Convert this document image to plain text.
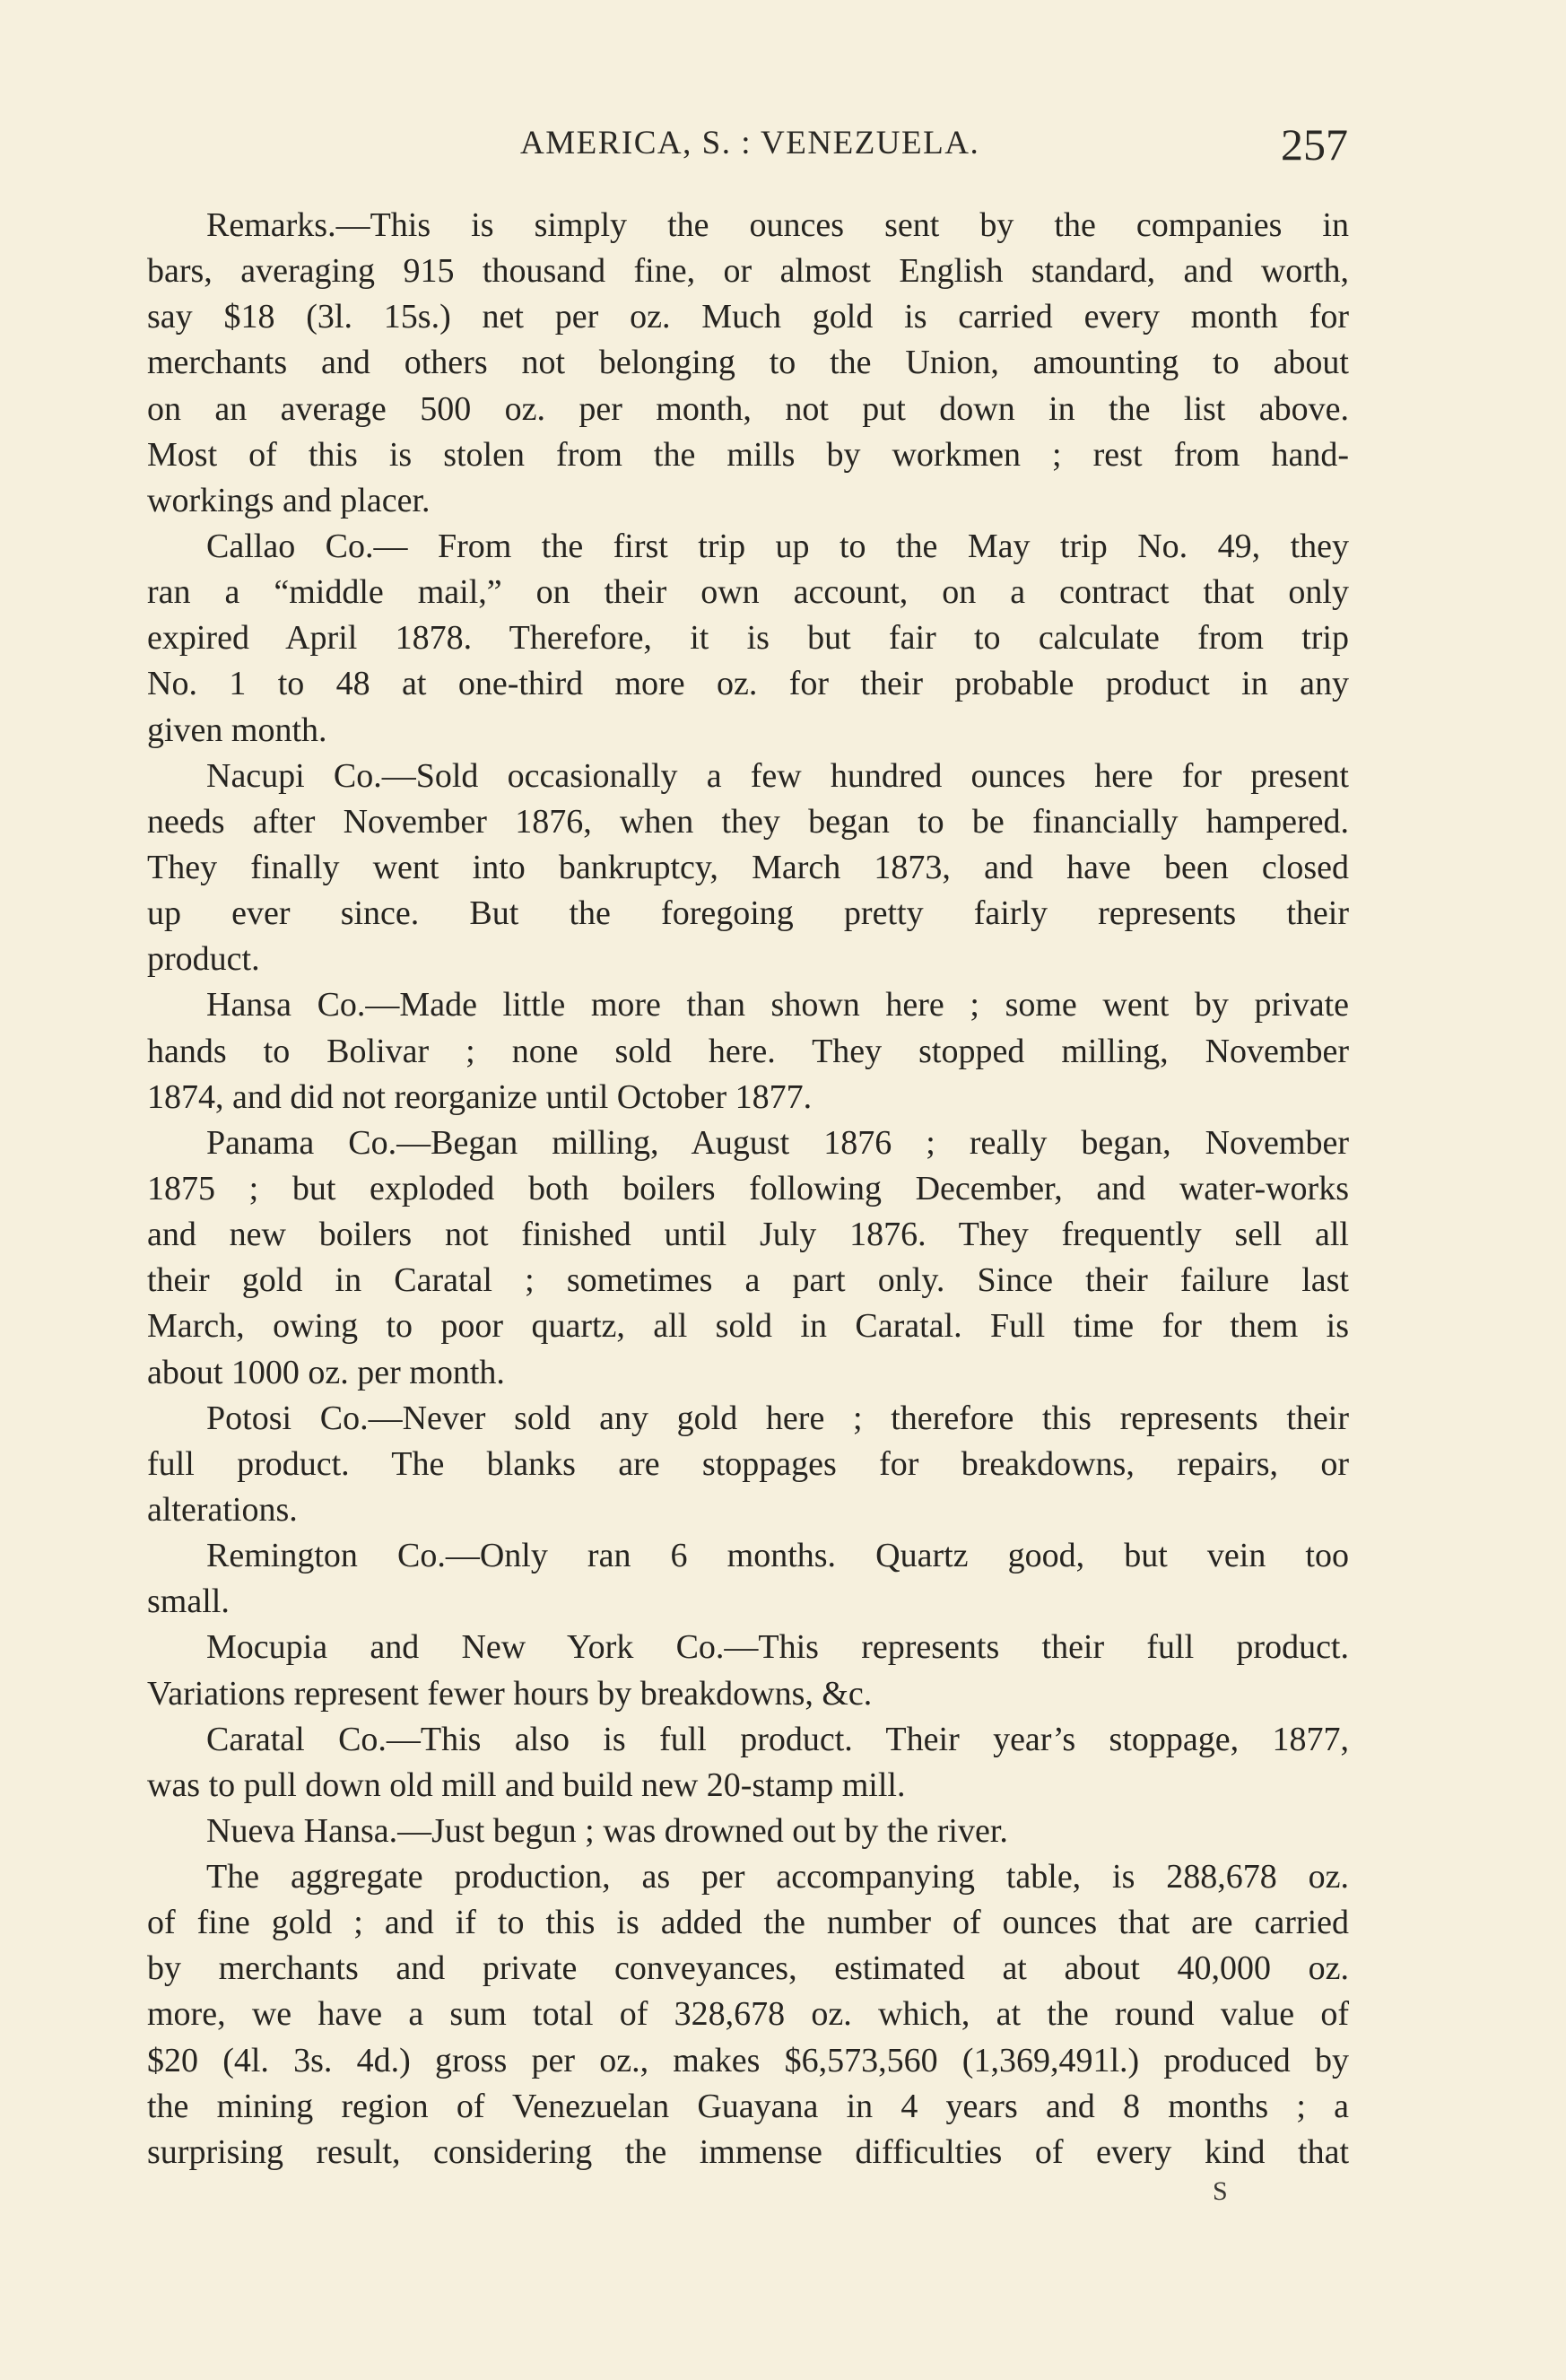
AMERICA, S. : VENEZUELA.	257
Remarks.—This is simply the ounces sent by the companies in
bars, averaging 915 thousand fine, or almost English standard, and worth,
say $18 (3l. 15s.) net per oz. Much gold is carried every month for
merchants and others not belonging to the Union, amounting to about
on an average 500 oz. per month, not put down in the list above.
Most of this is stolen from the mills by workmen ; rest from hand-
workings and placer.
Callao Co.— From the first trip up to the May trip No. 49, they
ran a “middle mail,” on their own account, on a contract that only
expired April 1878. Therefore, it is but fair to calculate from trip
No. 1 to 48 at one-third more oz. for their probable product in any
given month.
Nacupi Co.—Sold occasionally a few hundred ounces here for present
needs after November 1876, when they began to be financially hampered.
They finally went into bankruptcy, March 1873, and have been closed
up ever since. But the foregoing pretty fairly represents their
product.
Hansa Co.—Made little more than shown here ; some went by private
hands to Bolivar ; none sold here. They stopped milling, November
1874, and did not reorganize until October 1877.
Panama Co.—Began milling, August 1876 ; really began, November
1875 ; but exploded both boilers following December, and water-works
and new boilers not finished until July 1876. They frequently sell all
their gold in Caratal ; sometimes a part only. Since their failure last
March, owing to poor quartz, all sold in Caratal. Full time for them is
about 1000 oz. per month.
Potosi Co.—Never sold any gold here ; therefore this represents their
full product. The blanks are stoppages for breakdowns, repairs, or
alterations.
Remington Co.—Only ran 6 months. Quartz good, but vein too
small.
Mocupia and New York Co.—This represents their full product.
Variations represent fewer hours by breakdowns, &c.
Caratal Co.—This also is full product. Their year’s stoppage, 1877,
was to pull down old mill and build new 20-stamp mill.
Nueva Hansa.—Just begun ; was drowned out by the river.
The aggregate production, as per accompanying table, is 288,678 oz.
of fine gold ; and if to this is added the number of ounces that are carried
by merchants and private conveyances, estimated at about 40,000 oz.
more, we have a sum total of 328,678 oz. which, at the round value of
$20 (4l. 3s. 4d.) gross per oz., makes $6,573,560 (1,369,491l.) produced by
the mining region of Venezuelan Guayana in 4 years and 8 months ; a
surprising result, considering the immense difficulties of every kind that
S
